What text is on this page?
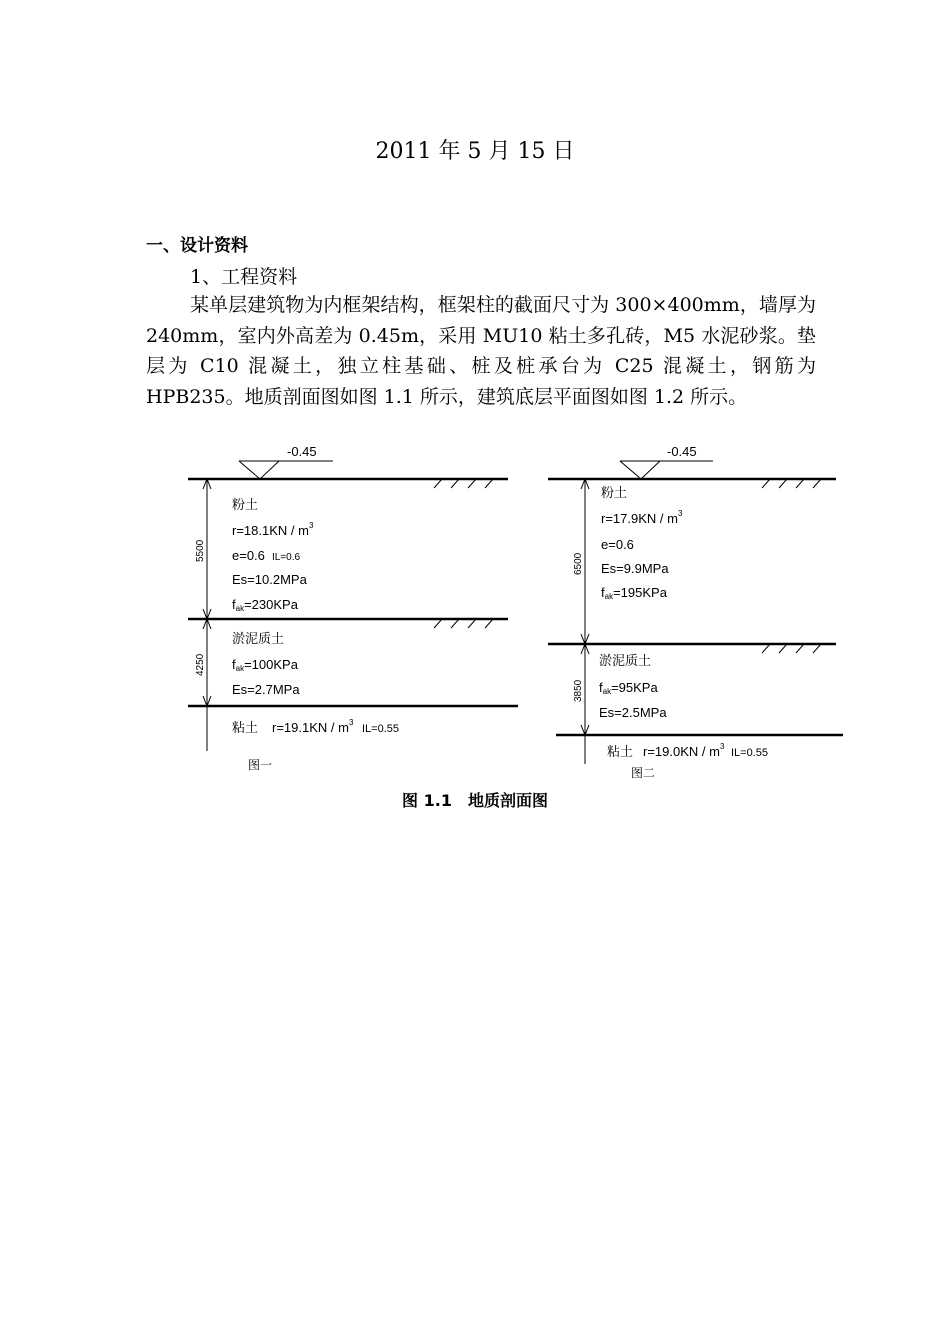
2011 年 5 月 15 日
一、设计资料
1、工程资料

某单层建筑物为内框架结构，框架柱的截面尺寸为 300×400mm，墙厚为 240mm，室内外高差为 0.45m，采用 MU10 粘土多孔砖，M5 水泥砂浆。垫层为 C10 混凝土，独立柱基础、桩及桩承台为 C25 混凝土，钢筋为 HPB235。地质剖面图如图 1.1 所示，建筑底层平面图如图 1.2 所示。

-0.45
粉土
$r=18.1KN / m^3$
e=0.6 IL=0.6
Es=10.2MPa
fak=230KPa
淤泥质土
fak=100KPa
Es=2.7MPa
粘土 $r=19.1KN / m^3$
IL=0.55
图一
5500
4250
-0.45
粉土
$r=17.9KN / m^3$
e=0.6
Es=9.9MPa
fak=195KPa
淤泥质土
fak=95KPa
Es=2.5MPa
粘土 $r=19.0KN / m^3$
IL=0.55
图二
6500
3850
图 1.1　地质剖面图
